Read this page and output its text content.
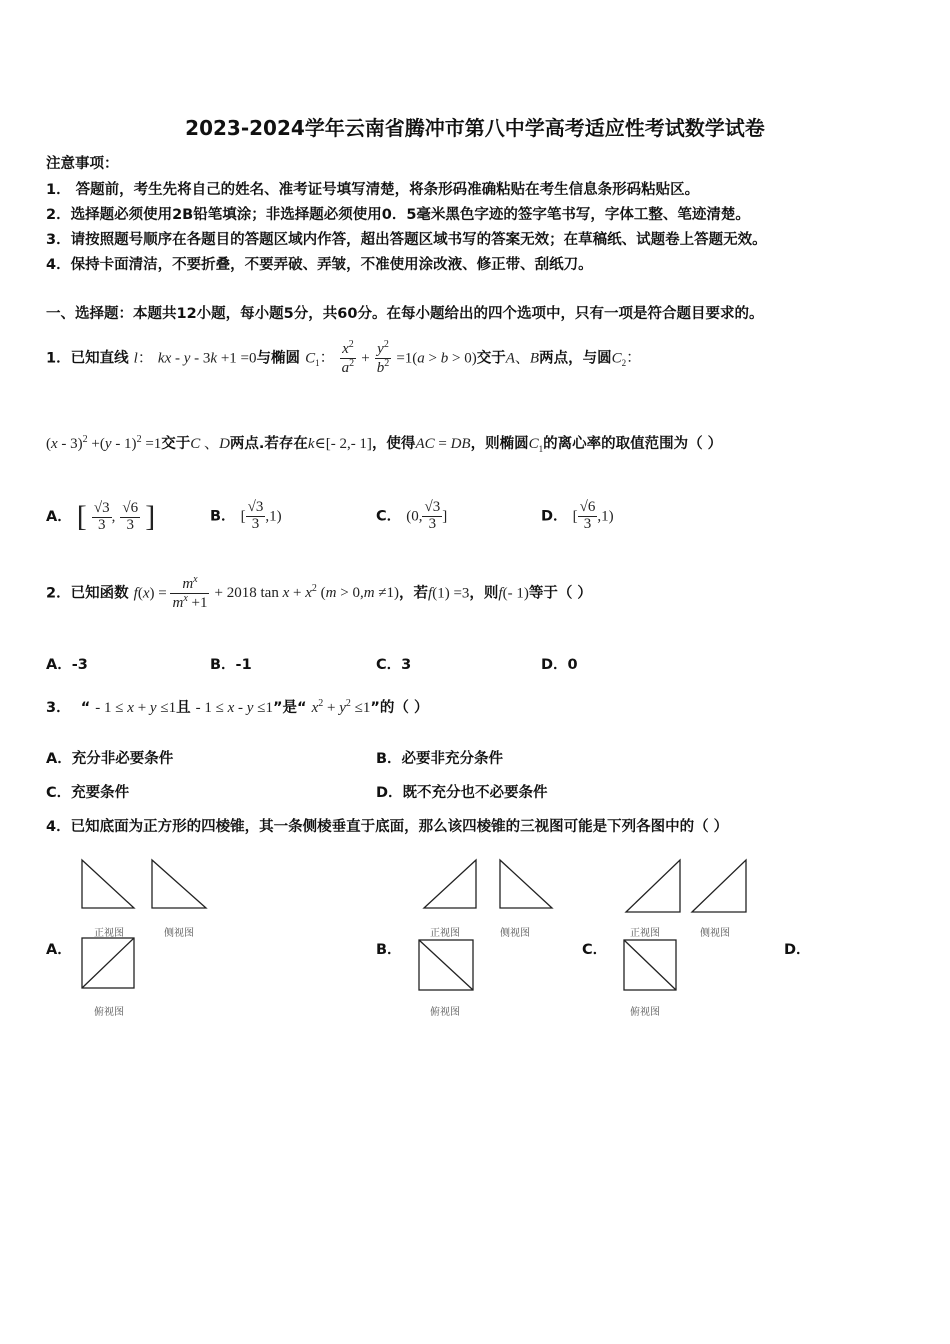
2023-2024学年云南省腾冲市第八中学高考适应性考试数学试卷
注意事项：
1． 答题前，考生先将自己的姓名、准考证号填写清楚，将条形码准确粘贴在考生信息条形码粘贴区。
2．选择题必须使用2B铅笔填涂；非选择题必须使用0．5毫米黑色字迹的签字笔书写，字体工整、笔迹清楚。
3．请按照题号顺序在各题目的答题区域内作答，超出答题区域书写的答案无效；在草稿纸、试题卷上答题无效。
4．保持卡面清洁，不要折叠，不要弄破、弄皱，不准使用涂改液、修正带、刮纸刀。
一、选择题：本题共12小题，每小题5分，共60分。在每小题给出的四个选项中，只有一项是符合题目要求的。
1．已知直线 l： kx - y - 3k +1 =0与椭圆 $C_1$： $\frac{x^2}{a^2} + \frac{y^2}{b^2} =1(a > b > 0)$交于A、B两点，与圆$C_2$：
(x - 3)$^2$ +(y - 1)$^2$ =1交于C 、D两点.若存在k∈[- 2,- 1]，使得AC = DB，则椭圆$C_1$的离心率的取值范围为（ ）
A． [ $\frac{√3}{3}$ , $\frac{√6}{3}$ ]	B． [ $\frac{√3}{3} ,1$)	C． (0, $\frac{√3}{3}$ ]	D． [ $\frac{√6}{3} ,1$)
2．已知函数 $f(x) = \frac{m^x}{m^x +1} + 2018$ $\tan x + x^2$ (m > 0,m ≠1)，若f(1) =3，则f(- 1)等于（ ）
A．-3	B．-1	C．3	D．0
3． “ - 1 ≤ x + y ≤1且 - 1 ≤ x - y ≤1”是“ $x^2 + y^2 \le 1$”的（ ）
A．充分非必要条件	B．必要非充分条件
C．充要条件	D．既不充分也不必要条件
4．已知底面为正方形的四棱锥，其一条侧棱垂直于底面，那么该四棱锥的三视图可能是下列各图中的（ ）
正视图	侧视图
俯视图
正视图	侧视图
俯视图
正视图	侧视图
俯视图
A．	B．	C．	D．
